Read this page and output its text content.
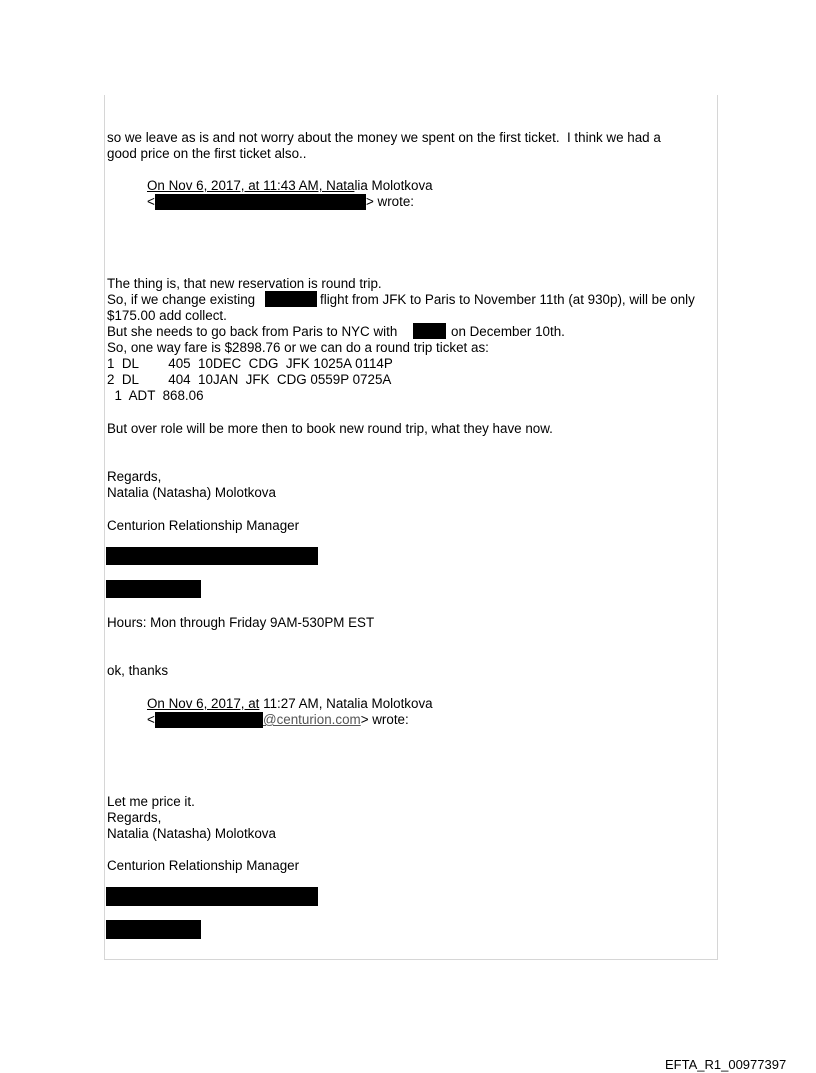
so we leave as is and not worry about the money we spent on the first ticket.  I think we had a
good price on the first ticket also..
On Nov 6, 2017, at 11:43 AM, Natalia Molotkova
<	> wrote:
The thing is, that new reservation is round trip.
So, if we change existing	flight from JFK to Paris to November 11th (at 930p), will be only
$175.00 add collect.
But she needs to go back from Paris to NYC with	on December 10th.
So, one way fare is $2898.76 or we can do a round trip ticket as:
1  DL        405  10DEC  CDG  JFK 1025A 0114P
2  DL        404  10JAN  JFK  CDG 0559P 0725A
1  ADT  868.06
But over role will be more then to book new round trip, what they have now.
Regards,
Natalia (Natasha) Molotkova
Centurion Relationship Manager
Hours: Mon through Friday 9AM-530PM EST
ok, thanks
On Nov 6, 2017, at 11:27 AM, Natalia Molotkova
<	@centurion.com> wrote:
Let me price it.
Regards,
Natalia (Natasha) Molotkova
Centurion Relationship Manager
EFTA_R1_00977397
